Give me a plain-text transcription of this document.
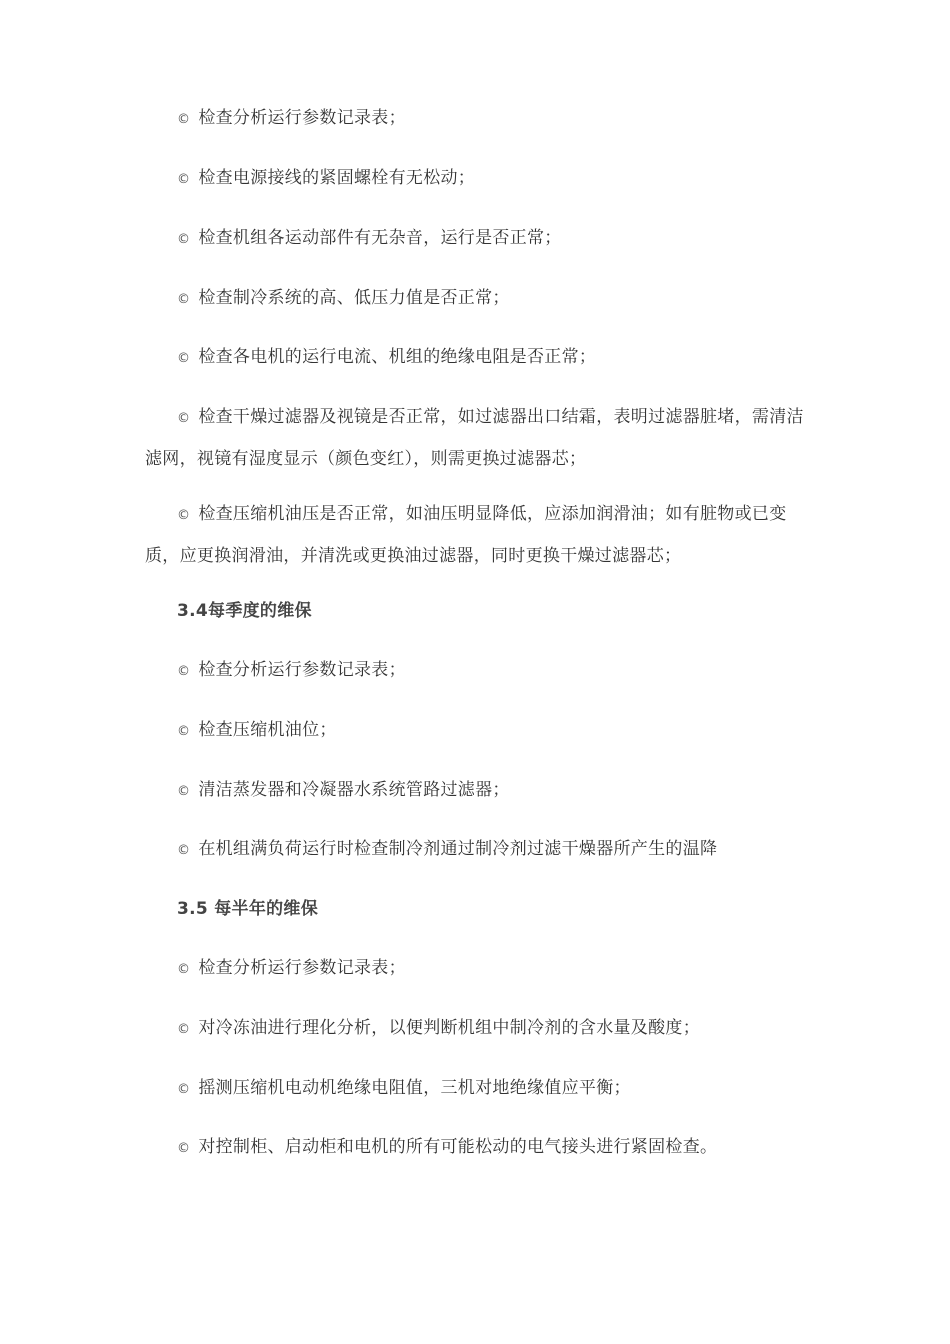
© 检查分析运行参数记录表；

© 检查电源接线的紧固螺栓有无松动；

© 检查机组各运动部件有无杂音，运行是否正常；

© 检查制冷系统的高、低压力值是否正常；

© 检查各电机的运行电流、机组的绝缘电阻是否正常；

© 检查干燥过滤器及视镜是否正常，如过滤器出口结霜，表明过滤器脏堵，需清洁滤网，视镜有湿度显示（颜色变红），则需更换过滤器芯；

© 检查压缩机油压是否正常，如油压明显降低，应添加润滑油；如有脏物或已变质，应更换润滑油，并清洗或更换油过滤器，同时更换干燥过滤器芯；

3.4每季度的维保

© 检查分析运行参数记录表；

© 检查压缩机油位；

© 清洁蒸发器和冷凝器水系统管路过滤器；

© 在机组满负荷运行时检查制冷剂通过制冷剂过滤干燥器所产生的温降

3.5 每半年的维保

© 检查分析运行参数记录表；

© 对冷冻油进行理化分析，以便判断机组中制冷剂的含水量及酸度；

© 摇测压缩机电动机绝缘电阻值，三机对地绝缘值应平衡；

© 对控制柜、启动柜和电机的所有可能松动的电气接头进行紧固检查。
